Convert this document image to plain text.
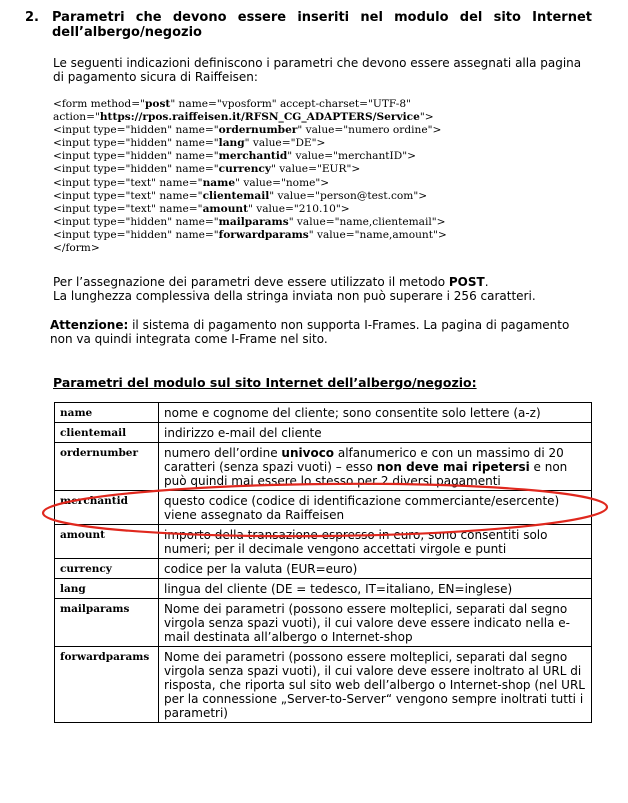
2. Parametri che devono essere inseriti nel modulo del sito Internet dell’albergo/negozio
Le seguenti indicazioni definiscono i parametri che devono essere assegnati alla pagina di pagamento sicura di Raiffeisen:
<form method="post" name="vposform" accept-charset="UTF-8"
action="https://rpos.raiffeisen.it/RFSN_CG_ADAPTERS/Service">
<input type="hidden" name="ordernumber" value="numero ordine">
<input type="hidden" name="lang" value="DE">
<input type="hidden" name="merchantid" value="merchantID">
<input type="hidden" name="currency" value="EUR">
<input type="text" name="name" value="nome">
<input type="text" name="clientemail" value="person@test.com">
<input type="text" name="amount" value="210.10">
<input type="hidden" name="mailparams" value="name,clientemail">
<input type="hidden" name="forwardparams" value="name,amount">
</form>
Per l’assegnazione dei parametri deve essere utilizzato il metodo POST.
La lunghezza complessiva della stringa inviata non può superare i 256 caratteri.
Attenzione: il sistema di pagamento non supporta I-Frames. La pagina di pagamento non va quindi integrata come I-Frame nel sito.
Parametri del modulo sul sito Internet dell’albergo/negozio:
name	nome e cognome del cliente; sono consentite solo lettere (a-z)
clientemail	indirizzo e-mail del cliente
ordernumber	numero dell’ordine univoco alfanumerico e con un massimo di 20 caratteri (senza spazi vuoti) – esso non deve mai ripetersi e non può quindi mai essere lo stesso per 2 diversi pagamenti
merchantid	questo codice (codice di identificazione commerciante/esercente) viene assegnato da Raiffeisen
amount	importo della transazione espresso in euro; sono consentiti solo numeri; per il decimale vengono accettati virgole e punti
currency	codice per la valuta (EUR=euro)
lang	lingua del cliente (DE = tedesco, IT=italiano, EN=inglese)
mailparams	Nome dei parametri (possono essere molteplici, separati dal segno virgola senza spazi vuoti), il cui valore deve essere indicato nella e-mail destinata all’albergo o Internet-shop
forwardparams	Nome dei parametri (possono essere molteplici, separati dal segno virgola senza spazi vuoti), il cui valore deve essere inoltrato al URL di risposta, che riporta sul sito web dell’albergo o Internet-shop (nel URL per la connessione „Server-to-Server“ vengono sempre inoltrati tutti i parametri)
